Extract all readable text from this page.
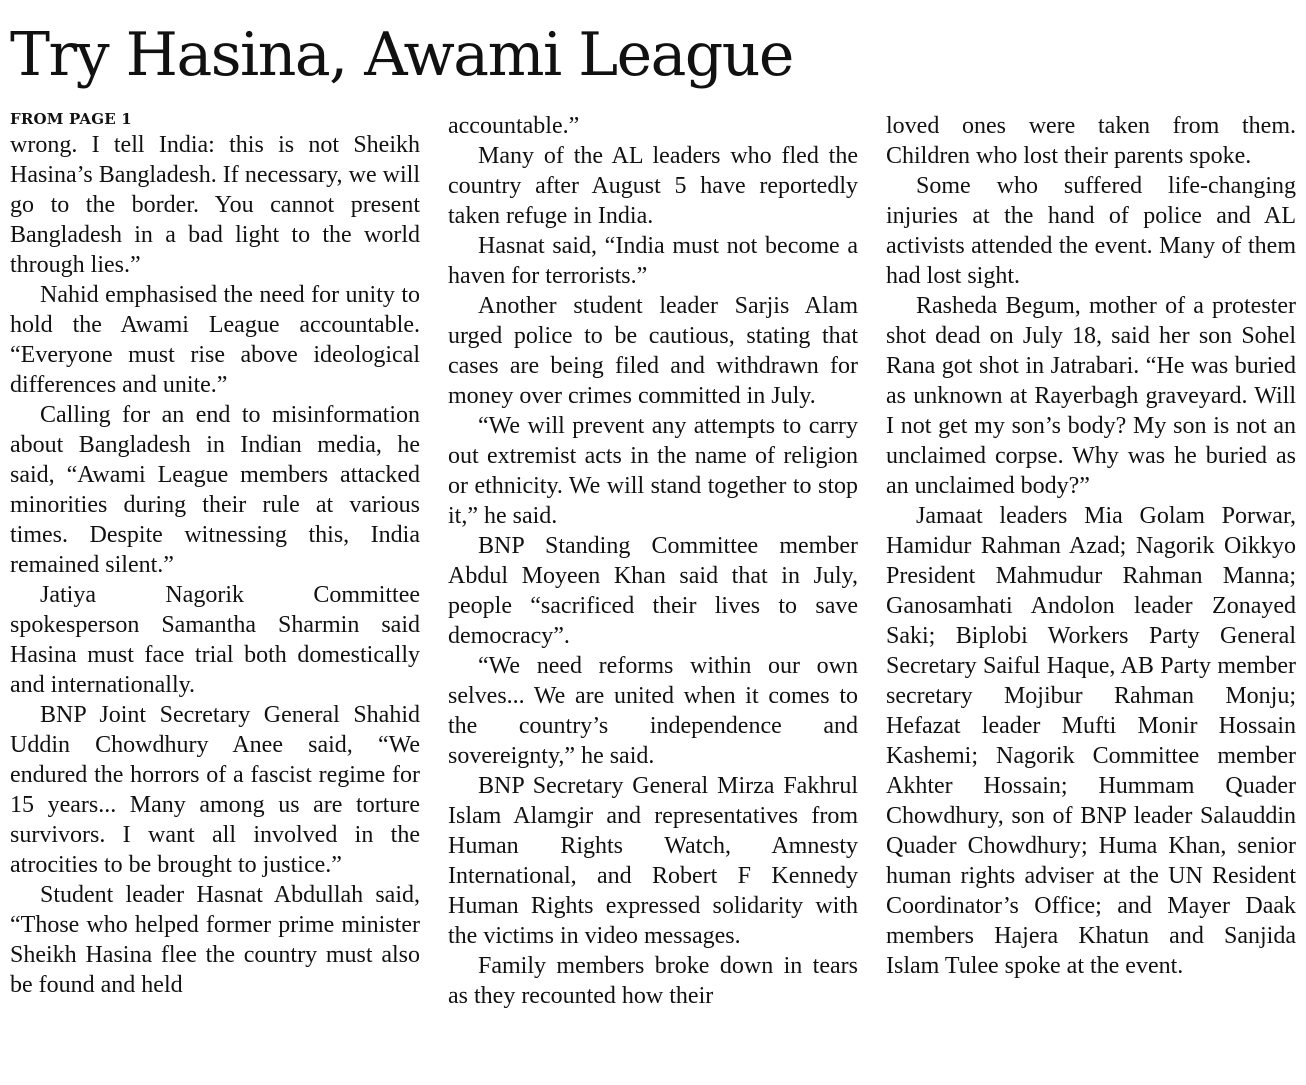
Try Hasina, Awami League
FROM PAGE 1

wrong. I tell India: this is not Sheikh Hasina’s Bangladesh. If necessary, we will go to the border. You cannot present Bangladesh in a bad light to the world through lies.”

Nahid emphasised the need for unity to hold the Awami League accountable. “Everyone must rise above ideological differences and unite.”

Calling for an end to misinformation about Bangladesh in Indian media, he said, “Awami League members attacked minorities during their rule at various times. Despite witnessing this, India remained silent.”

Jatiya Nagorik Committee spokesperson Samantha Sharmin said Hasina must face trial both domestically and internationally.

BNP Joint Secretary General Shahid Uddin Chowdhury Anee said, “We endured the horrors of a fascist regime for 15 years... Many among us are torture survivors. I want all involved in the atrocities to be brought to justice.”

Student leader Hasnat Abdullah said, “Those who helped former prime minister Sheikh Hasina flee the country must also be found and held

accountable.”

Many of the AL leaders who fled the country after August 5 have reportedly taken refuge in India.

Hasnat said, “India must not become a haven for terrorists.”

Another student leader Sarjis Alam urged police to be cautious, stating that cases are being filed and withdrawn for money over crimes committed in July.

“We will prevent any attempts to carry out extremist acts in the name of religion or ethnicity. We will stand together to stop it,” he said.

BNP Standing Committee member Abdul Moyeen Khan said that in July, people “sacrificed their lives to save democracy”.

“We need reforms within our own selves... We are united when it comes to the country’s independence and sovereignty,” he said.

BNP Secretary General Mirza Fakhrul Islam Alamgir and representatives from Human Rights Watch, Amnesty International, and Robert F Kennedy Human Rights expressed solidarity with the victims in video messages.

Family members broke down in tears as they recounted how their

loved ones were taken from them. Children who lost their parents spoke.

Some who suffered life-changing injuries at the hand of police and AL activists attended the event. Many of them had lost sight.

Rasheda Begum, mother of a protester shot dead on July 18, said her son Sohel Rana got shot in Jatrabari. “He was buried as unknown at Rayerbagh graveyard. Will I not get my son’s body? My son is not an unclaimed corpse. Why was he buried as an unclaimed body?”

Jamaat leaders Mia Golam Porwar, Hamidur Rahman Azad; Nagorik Oikkyo President Mahmudur Rahman Manna; Ganosamhati Andolon leader Zonayed Saki; Biplobi Workers Party General Secretary Saiful Haque, AB Party member secretary Mojibur Rahman Monju; Hefazat leader Mufti Monir Hossain Kashemi; Nagorik Committee member Akhter Hossain; Hummam Quader Chowdhury, son of BNP leader Salauddin Quader Chowdhury; Huma Khan, senior human rights adviser at the UN Resident Coordinator’s Office; and Mayer Daak members Hajera Khatun and Sanjida Islam Tulee spoke at the event.
